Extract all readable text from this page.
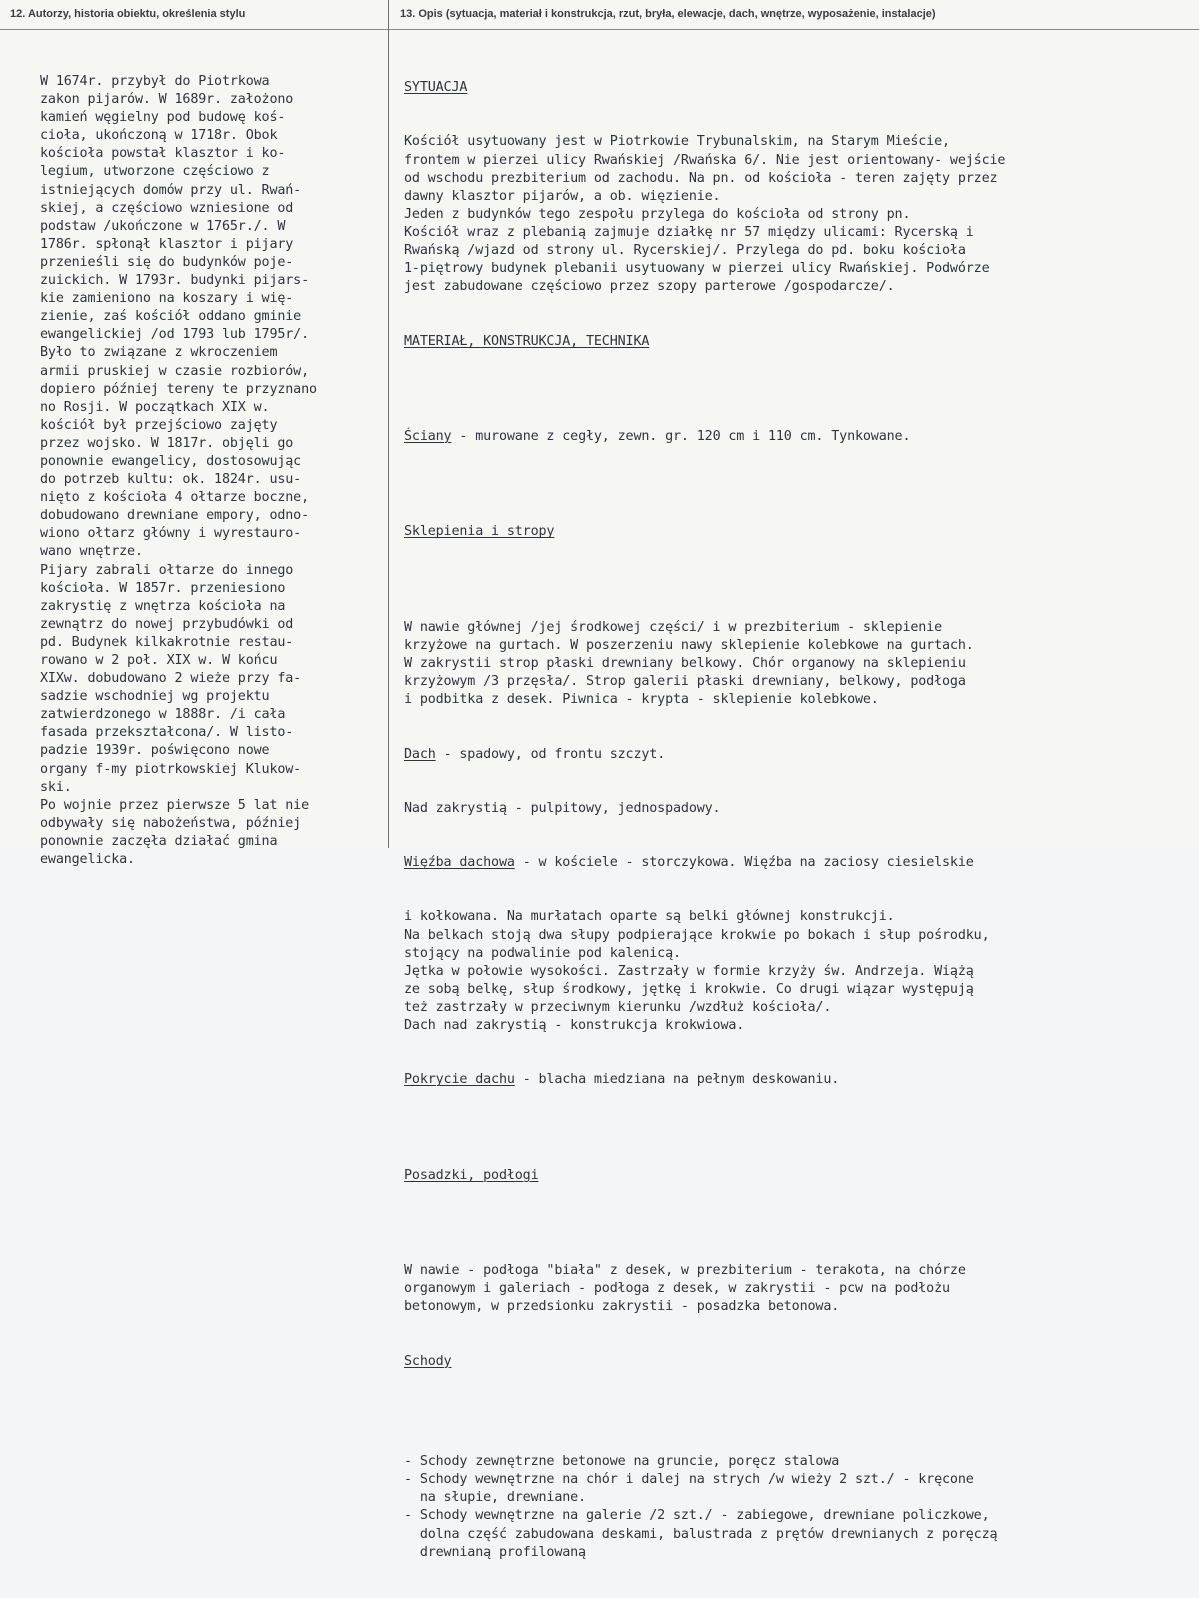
12. Autorzy, historia obiektu, określenia stylu	13. Opis (sytuacja, materiał i konstrukcja, rzut, bryła, elewacje, dach, wnętrze, wyposażenie, instalacje)
W 1674r. przybył do Piotrkowa
zakon pijarów. W 1689r. założono
kamień węgielny pod budowę koś-
cioła, ukończoną w 1718r. Obok
kościoła powstał klasztor i ko-
legium, utworzone częściowo z
istniejących domów przy ul. Rwań-
skiej, a częściowo wzniesione od
podstaw /ukończone w 1765r./. W
1786r. spłonął klasztor i pijary
przenieśli się do budynków poje-
zuickich. W 1793r. budynki pijars-
kie zamieniono na koszary i wię-
zienie, zaś kościół oddano gminie
ewangelickiej /od 1793 lub 1795r/.
Było to związane z wkroczeniem
armii pruskiej w czasie rozbiorów,
dopiero później tereny te przyznano
no Rosji. W początkach XIX w.
kościół był przejściowo zajęty
przez wojsko. W 1817r. objęli go
ponownie ewangelicy, dostosowując
do potrzeb kultu: ok. 1824r. usu-
nięto z kościoła 4 ołtarze boczne,
dobudowano drewniane empory, odno-
wiono ołtarz główny i wyrestauro-
wano wnętrze.
Pijary zabrali ołtarze do innego
kościoła. W 1857r. przeniesiono
zakrystię z wnętrza kościoła na
zewnątrz do nowej przybudówki od
pd. Budynek kilkakrotnie restau-
rowano w 2 poł. XIX w. W końcu
XIXw. dobudowano 2 wieże przy fa-
sadzie wschodniej wg projektu
zatwierdzonego w 1888r. /i cała
fasada przekształcona/. W listo-
padzie 1939r. poświęcono nowe
organy f-my piotrkowskiej Klukow-
ski.
Po wojnie przez pierwsze 5 lat nie
odbywały się nabożeństwa, później
ponownie zaczęła działać gmina
ewangelicka.

SYTUACJA

Kościół usytuowany jest w Piotrkowie Trybunalskim, na Starym Mieście,
frontem w pierzei ulicy Rwańskiej /Rwańska 6/. Nie jest orientowany- wejście
od wschodu prezbiterium od zachodu. Na pn. od kościoła - teren zajęty przez
dawny klasztor pijarów, a ob. więzienie.
Jeden z budynków tego zespołu przylega do kościoła od strony pn.
Kościół wraz z plebanią zajmuje działkę nr 57 między ulicami: Rycerską i
Rwańską /wjazd od strony ul. Rycerskiej/. Przylega do pd. boku kościoła
1-piętrowy budynek plebanii usytuowany w pierzei ulicy Rwańskiej. Podwórze
jest zabudowane częściowo przez szopy parterowe /gospodarcze/.

MATERIAŁ, KONSTRUKCJA, TECHNIKA

Ściany - murowane z cegły, zewn. gr. 120 cm i 110 cm. Tynkowane.

Sklepienia i stropy

W nawie głównej /jej środkowej części/ i w prezbiterium - sklepienie
krzyżowe na gurtach. W poszerzeniu nawy sklepienie kolebkowe na gurtach.
W zakrystii strop płaski drewniany belkowy. Chór organowy na sklepieniu
krzyżowym /3 przęsła/. Strop galerii płaski drewniany, belkowy, podłoga
i podbitka z desek. Piwnica - krypta - sklepienie kolebkowe.

Dach - spadowy, od frontu szczyt.

Nad zakrystią - pulpitowy, jednospadowy.

Więźba dachowa - w kościele - storczykowa. Więźba na zaciosy ciesielskie

i kołkowana. Na murłatach oparte są belki głównej konstrukcji.
Na belkach stoją dwa słupy podpierające krokwie po bokach i słup pośrodku,
stojący na podwalinie pod kalenicą.
Jętka w połowie wysokości. Zastrzały w formie krzyży św. Andrzeja. Wiążą
ze sobą belkę, słup środkowy, jętkę i krokwie. Co drugi wiązar występują
też zastrzały w przeciwnym kierunku /wzdłuż kościoła/.
Dach nad zakrystią - konstrukcja krokwiowa.

Pokrycie dachu - blacha miedziana na pełnym deskowaniu.

Posadzki, podłogi

W nawie - podłoga "biała" z desek, w prezbiterium - terakota, na chórze
organowym i galeriach - podłoga z desek, w zakrystii - pcw na podłożu
betonowym, w przedsionku zakrystii - posadzka betonowa.

Schody

- Schody zewnętrzne betonowe na gruncie, poręcz stalowa
- Schody wewnętrzne na chór i dalej na strych /w wieży 2 szt./ - kręcone
na słupie, drewniane.
- Schody wewnętrzne na galerie /2 szt./ - zabiegowe, drewniane policzkowe,
dolna część zabudowana deskami, balustrada z prętów drewnianych z poręczą
drewnianą profilowaną
